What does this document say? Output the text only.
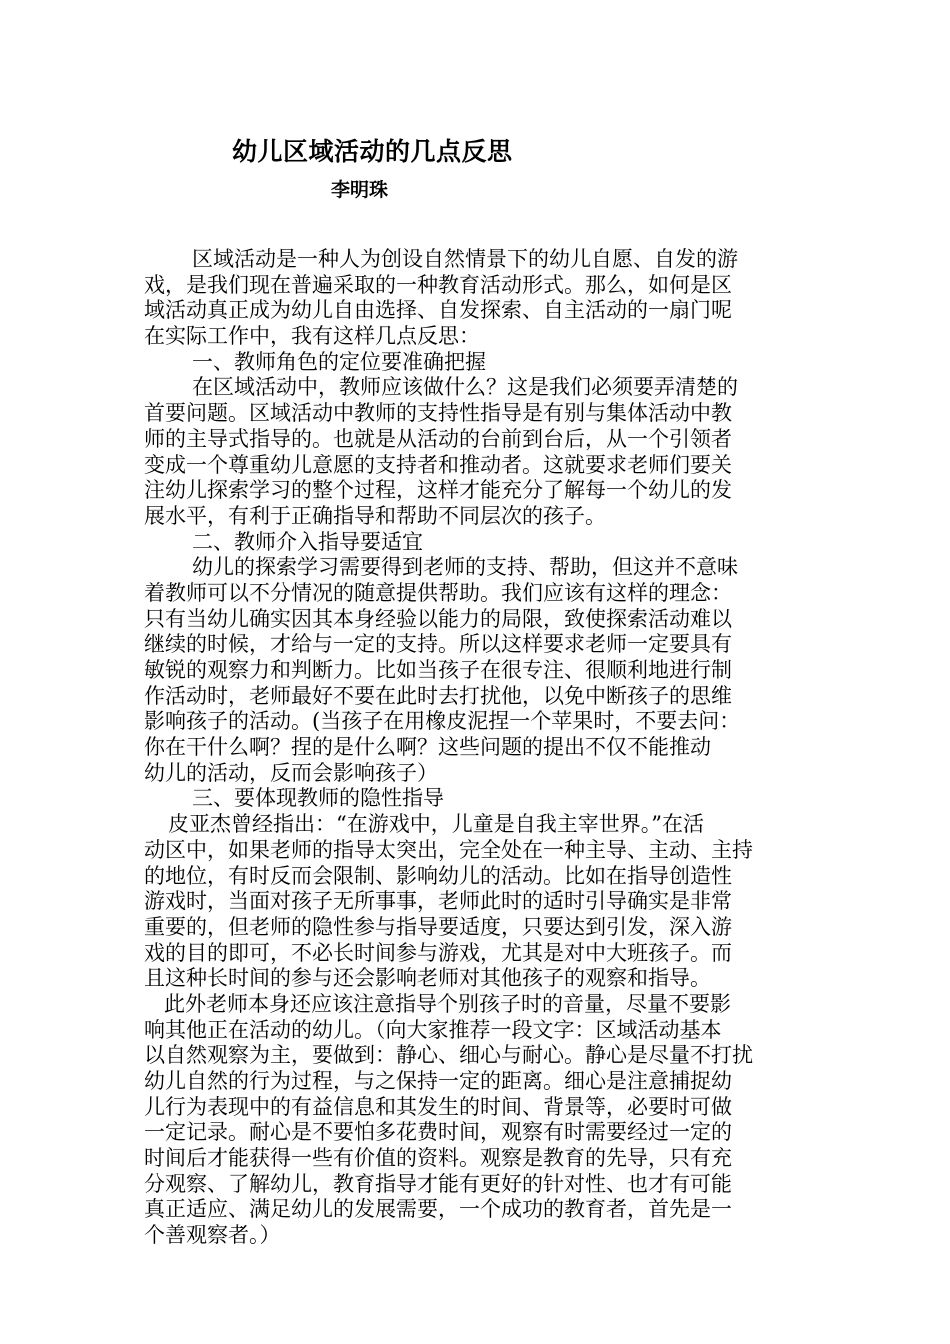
幼儿区域活动的几点反思
李明珠
区域活动是一种人为创设自然情景下的幼儿自愿、自发的游
戏，是我们现在普遍采取的一种教育活动形式。那么，如何是区
域活动真正成为幼儿自由选择、自发探索、自主活动的一扇门呢
在实际工作中，我有这样几点反思：
一、教师角色的定位要准确把握
在区域活动中，教师应该做什么？这是我们必须要弄清楚的
首要问题。区域活动中教师的支持性指导是有别与集体活动中教
师的主导式指导的。也就是从活动的台前到台后，从一个引领者
变成一个尊重幼儿意愿的支持者和推动者。这就要求老师们要关
注幼儿探索学习的整个过程，这样才能充分了解每一个幼儿的发
展水平，有利于正确指导和帮助不同层次的孩子。
二、教师介入指导要适宜
幼儿的探索学习需要得到老师的支持、帮助，但这并不意味
着教师可以不分情况的随意提供帮助。我们应该有这样的理念：
只有当幼儿确实因其本身经验以能力的局限，致使探索活动难以
继续的时候，才给与一定的支持。所以这样要求老师一定要具有
敏锐的观察力和判断力。比如当孩子在很专注、很顺利地进行制
作活动时，老师最好不要在此时去打扰他，以免中断孩子的思维
影响孩子的活动。(当孩子在用橡皮泥捏一个苹果时，不要去问：
你在干什么啊？捏的是什么啊？这些问题的提出不仅不能推动
幼儿的活动，反而会影响孩子）
三、要体现教师的隐性指导
皮亚杰曾经指出：“在游戏中，儿童是自我主宰世界。”在活
动区中，如果老师的指导太突出，完全处在一种主导、主动、主持
的地位，有时反而会限制、影响幼儿的活动。比如在指导创造性
游戏时，当面对孩子无所事事，老师此时的适时引导确实是非常
重要的，但老师的隐性参与指导要适度，只要达到引发，深入游
戏的目的即可，不必长时间参与游戏，尤其是对中大班孩子。而
且这种长时间的参与还会影响老师对其他孩子的观察和指导。
此外老师本身还应该注意指导个别孩子时的音量，尽量不要影
响其他正在活动的幼儿。（向大家推荐一段文字：区域活动基本
以自然观察为主，要做到：静心、细心与耐心。静心是尽量不打扰
幼儿自然的行为过程，与之保持一定的距离。细心是注意捕捉幼
儿行为表现中的有益信息和其发生的时间、背景等，必要时可做
一定记录。耐心是不要怕多花费时间，观察有时需要经过一定的
时间后才能获得一些有价值的资料。观察是教育的先导，只有充
分观察、了解幼儿，教育指导才能有更好的针对性、也才有可能
真正适应、满足幼儿的发展需要，一个成功的教育者，首先是一
个善观察者。）
